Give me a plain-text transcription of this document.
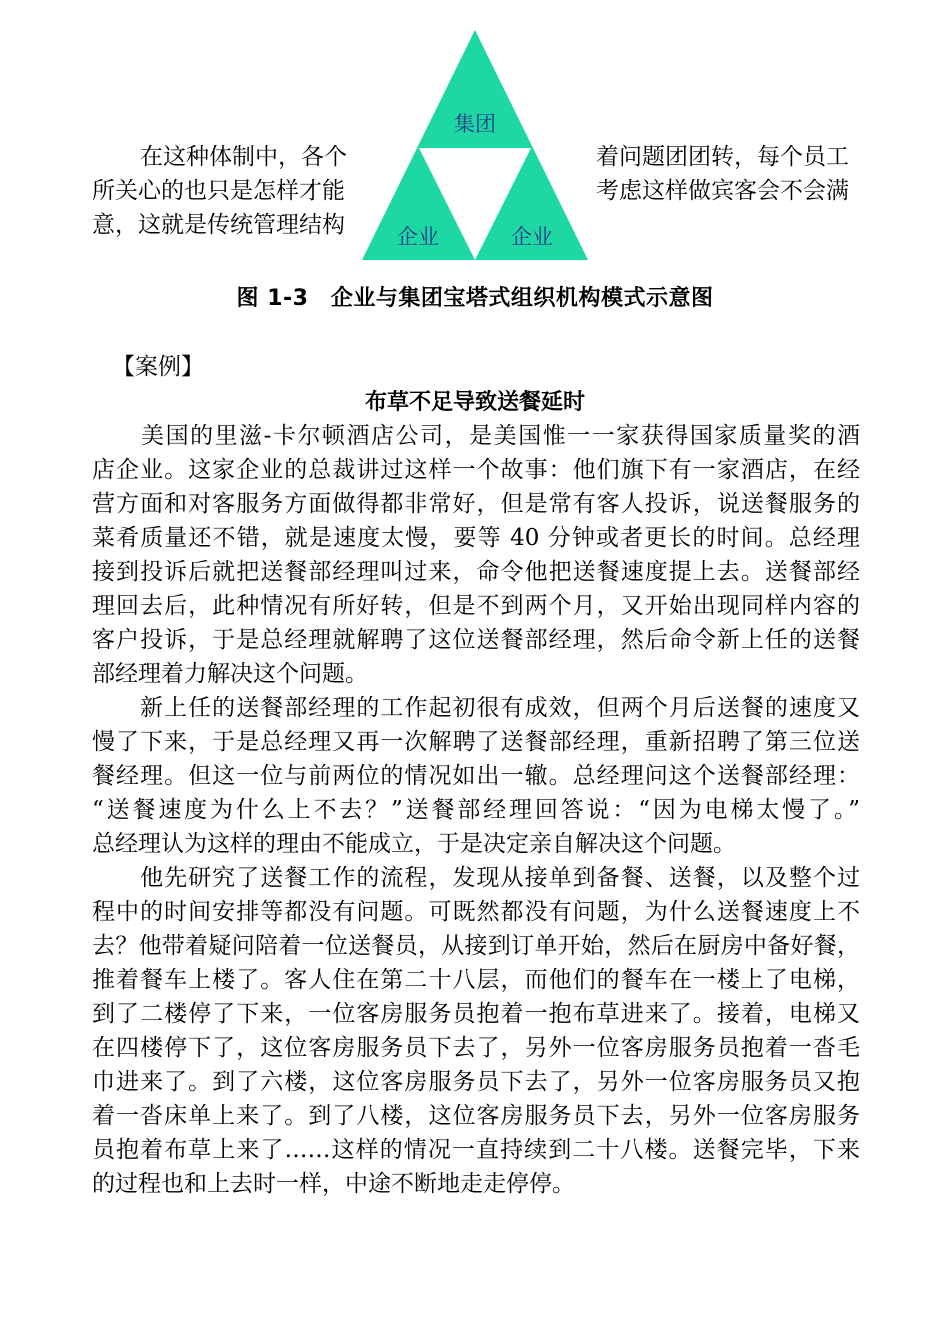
在这种体制中，各个	着问题团团转，每个员工
所关心的也只是怎样才能	考虑这样做宾客会不会满
意，这就是传统管理结构
集团
企业	企业
图 1-3　企业与集团宝塔式组织机构模式示意图
【案例】
布草不足导致送餐延时
　　美国的里滋-卡尔顿酒店公司，是美国惟一一家获得国家质量奖的酒
店企业。这家企业的总裁讲过这样一个故事：他们旗下有一家酒店，在经
营方面和对客服务方面做得都非常好，但是常有客人投诉，说送餐服务的
菜肴质量还不错，就是速度太慢，要等 40 分钟或者更长的时间。总经理
接到投诉后就把送餐部经理叫过来，命令他把送餐速度提上去。送餐部经
理回去后，此种情况有所好转，但是不到两个月，又开始出现同样内容的
客户投诉，于是总经理就解聘了这位送餐部经理，然后命令新上任的送餐
部经理着力解决这个问题。
　　新上任的送餐部经理的工作起初很有成效，但两个月后送餐的速度又
慢了下来，于是总经理又再一次解聘了送餐部经理，重新招聘了第三位送
餐经理。但这一位与前两位的情况如出一辙。总经理问这个送餐部经理：
“送餐速度为什么上不去？”送餐部经理回答说：“因为电梯太慢了。”
总经理认为这样的理由不能成立，于是决定亲自解决这个问题。
　　他先研究了送餐工作的流程，发现从接单到备餐、送餐，以及整个过
程中的时间安排等都没有问题。可既然都没有问题，为什么送餐速度上不
去？他带着疑问陪着一位送餐员，从接到订单开始，然后在厨房中备好餐，
推着餐车上楼了。客人住在第二十八层，而他们的餐车在一楼上了电梯，
到了二楼停了下来，一位客房服务员抱着一抱布草进来了。接着，电梯又
在四楼停下了，这位客房服务员下去了，另外一位客房服务员抱着一沓毛
巾进来了。到了六楼，这位客房服务员下去了，另外一位客房服务员又抱
着一沓床单上来了。到了八楼，这位客房服务员下去，另外一位客房服务
员抱着布草上来了……这样的情况一直持续到二十八楼。送餐完毕，下来
的过程也和上去时一样，中途不断地走走停停。
